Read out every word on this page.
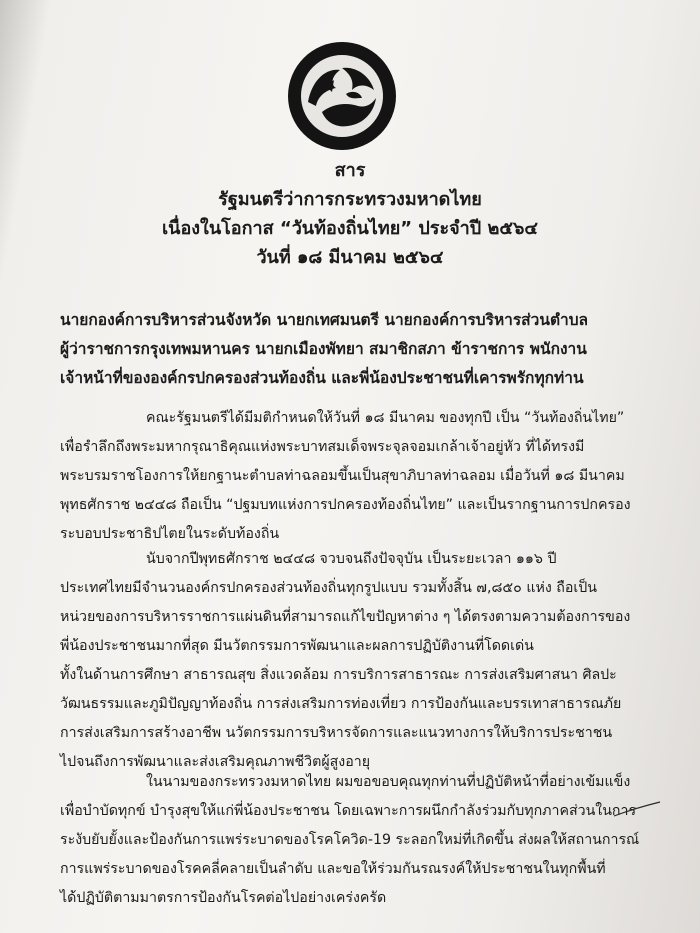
สาร
รัฐมนตรีว่าการกระทรวงมหาดไทย
เนื่องในโอกาส “วันท้องถิ่นไทย” ประจำปี ๒๕๖๔
วันที่ ๑๘ มีนาคม ๒๕๖๔
นายกองค์การบริหารส่วนจังหวัด นายกเทศมนตรี นายกองค์การบริหารส่วนตำบล
ผู้ว่าราชการกรุงเทพมหานคร นายกเมืองพัทยา สมาชิกสภา ข้าราชการ พนักงาน
เจ้าหน้าที่ขององค์กรปกครองส่วนท้องถิ่น และพี่น้องประชาชนที่เคารพรักทุกท่าน
คณะรัฐมนตรีได้มีมติกำหนดให้วันที่ ๑๘ มีนาคม ของทุกปี เป็น “วันท้องถิ่นไทย”
เพื่อรำลึกถึงพระมหากรุณาธิคุณแห่งพระบาทสมเด็จพระจุลจอมเกล้าเจ้าอยู่หัว ที่ได้ทรงมี
พระบรมราชโองการให้ยกฐานะตำบลท่าฉลอมขึ้นเป็นสุขาภิบาลท่าฉลอม เมื่อวันที่ ๑๘ มีนาคม
พุทธศักราช ๒๔๔๘ ถือเป็น “ปฐมบทแห่งการปกครองท้องถิ่นไทย” และเป็นรากฐานการปกครอง
ระบอบประชาธิปไตยในระดับท้องถิ่น
นับจากปีพุทธศักราช ๒๔๔๘ จวบจนถึงปัจจุบัน เป็นระยะเวลา ๑๑๖ ปี
ประเทศไทยมีจำนวนองค์กรปกครองส่วนท้องถิ่นทุกรูปแบบ รวมทั้งสิ้น ๗,๘๕๐ แห่ง ถือเป็น
หน่วยของการบริหารราชการแผ่นดินที่สามารถแก้ไขปัญหาต่าง ๆ ได้ตรงตามความต้องการของ
พี่น้องประชาชนมากที่สุด มีนวัตกรรมการพัฒนาและผลการปฏิบัติงานที่โดดเด่น
ทั้งในด้านการศึกษา สาธารณสุข สิ่งแวดล้อม การบริการสาธารณะ การส่งเสริมศาสนา ศิลปะ
วัฒนธรรมและภูมิปัญญาท้องถิ่น การส่งเสริมการท่องเที่ยว การป้องกันและบรรเทาสาธารณภัย
การส่งเสริมการสร้างอาชีพ นวัตกรรมการบริหารจัดการและแนวทางการให้บริการประชาชน
ไปจนถึงการพัฒนาและส่งเสริมคุณภาพชีวิตผู้สูงอายุ
ในนามของกระทรวงมหาดไทย ผมขอขอบคุณทุกท่านที่ปฏิบัติหน้าที่อย่างเข้มแข็ง
เพื่อบำบัดทุกข์ บำรุงสุขให้แก่พี่น้องประชาชน โดยเฉพาะการผนึกกำลังร่วมกับทุกภาคส่วนในการ
ระงับยับยั้งและป้องกันการแพร่ระบาดของโรคโควิด-19 ระลอกใหม่ที่เกิดขึ้น ส่งผลให้สถานการณ์
การแพร่ระบาดของโรคคลี่คลายเป็นลำดับ และขอให้ร่วมกันรณรงค์ให้ประชาชนในทุกพื้นที่
ได้ปฏิบัติตามมาตรการป้องกันโรคต่อไปอย่างเคร่งครัด
